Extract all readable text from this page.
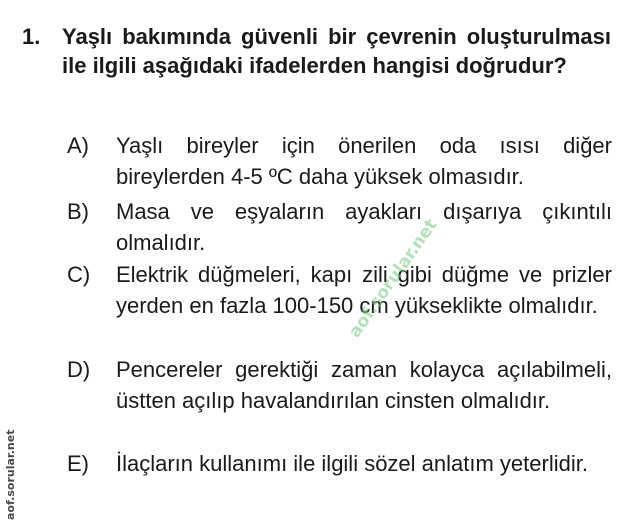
1. Yaşlı bakımında güvenli bir çevrenin oluşturulması ile ilgili aşağıdaki ifadelerden hangisi doğrudur?
A) Yaşlı bireyler için önerilen oda ısısı diğer bireylerden 4-5 ºC daha yüksek olmasıdır.
B) Masa ve eşyaların ayakları dışarıya çıkıntılı olmalıdır.
C) Elektrik düğmeleri, kapı zili gibi düğme ve prizler yerden en fazla 100-150 cm yükseklikte olmalıdır.
D) Pencereler gerektiği zaman kolayca açılabilmeli, üstten açılıp havalandırılan cinsten olmalıdır.
E) İlaçların kullanımı ile ilgili sözel anlatım yeterlidir.
aof.sorular.net
aof.sorular.net
